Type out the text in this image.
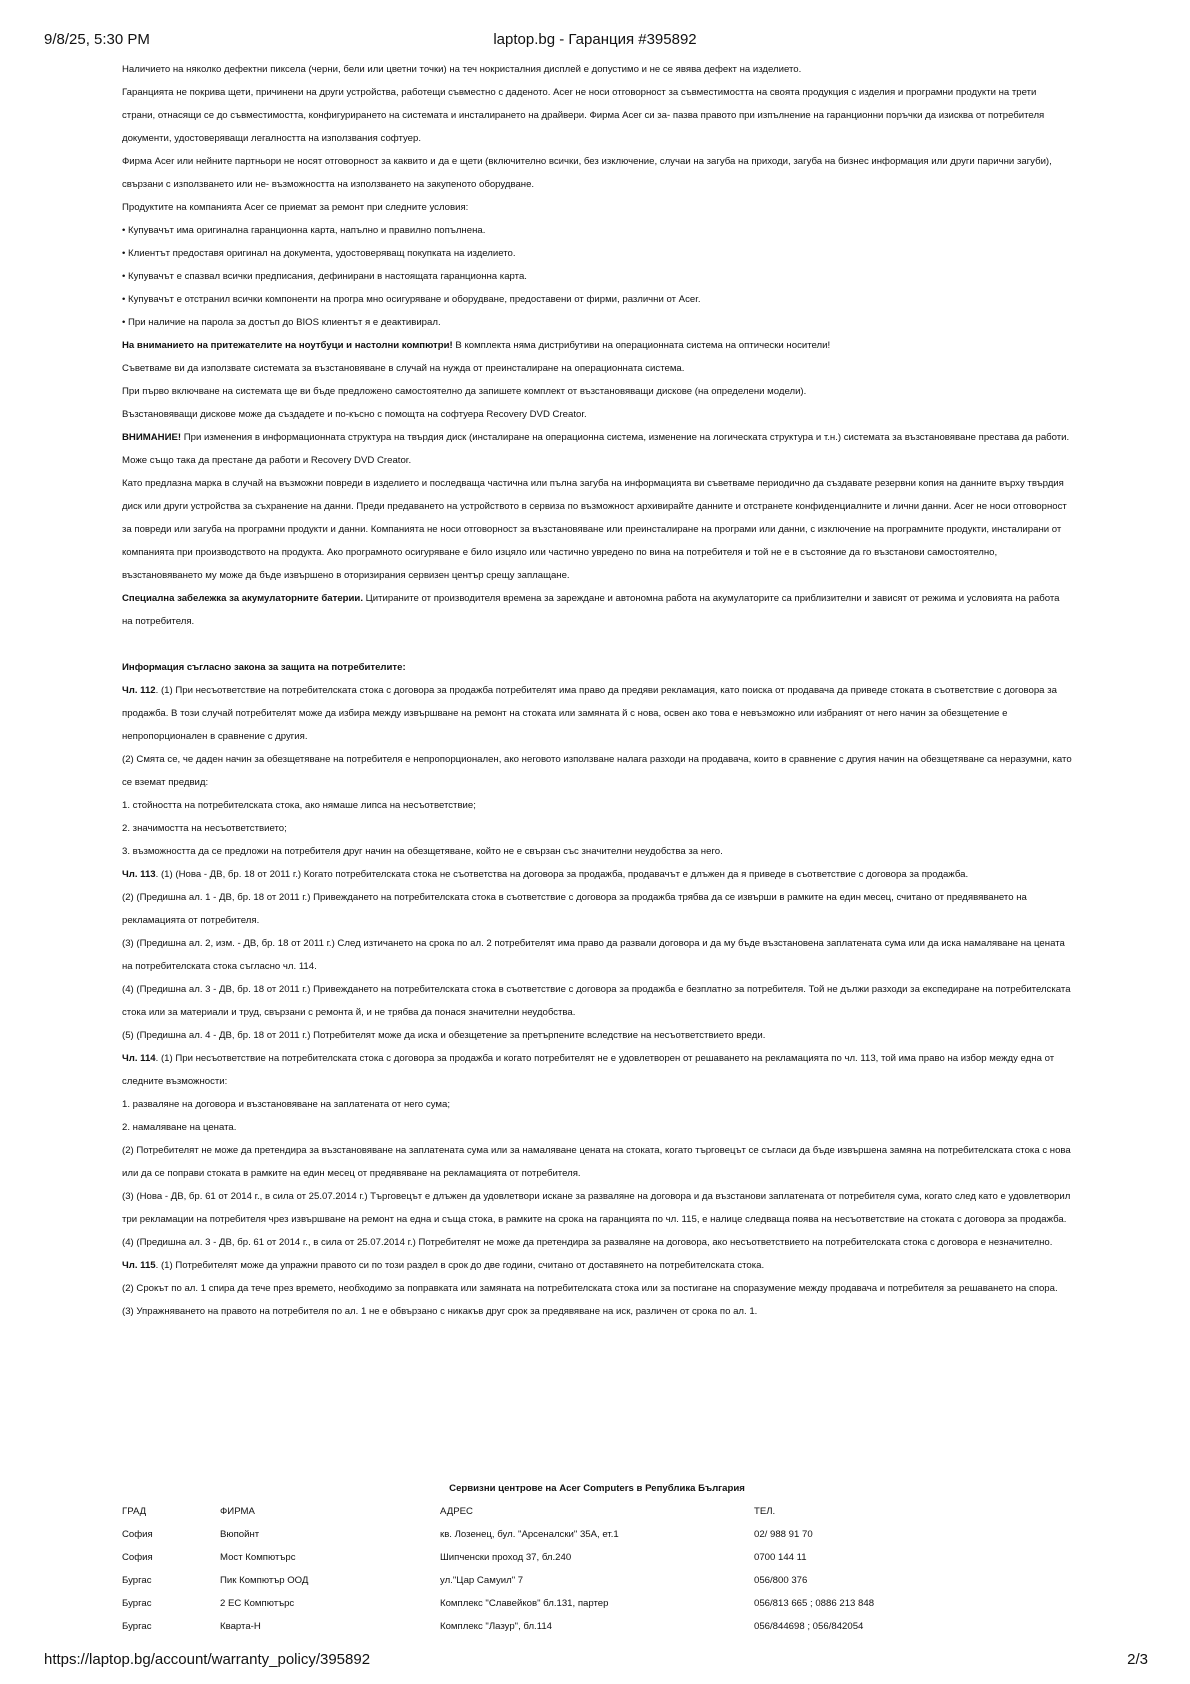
9/8/25, 5:30 PM	laptop.bg - Гаранция #395892

Наличието на няколко дефектни пиксела (черни, бели или цветни точки) на теч нокристалния дисплей е допустимо и не се явява дефект на изделието.

Гаранцията не покрива щети, причинени на други устройства, работещи съвместно с даденото. Acer не носи отговорност за съвместимостта на своята продукция с изделия и програмни продукти на трети страни, отнасящи се до съвместимостта, конфигурирането на системата и инсталирането на драйвери. Фирма Acer си за- пазва правото при изпълнение на гаранционни поръчки да изисква от потребителя документи, удостоверяващи легалността на използвания софтуер.

Фирма Acer или нейните партньори не носят отговорност за каквито и да е щети (включително всички, без изключение, случаи на загуба на приходи, загуба на бизнес информация или други парични загуби), свързани с използването или не- възможността на използването на закупеното оборудване.

Продуктите на компанията Acer се приемат за ремонт при следните условия:

• Купувачът има оригинална гаранционна карта, напълно и правилно попълнена.

• Клиентът предоставя оригинал на документа, удостоверяващ покупката на изделието.

• Купувачът е спазвал всички предписания, дефинирани в настоящата гаранционна карта.

• Купувачът е отстранил всички компоненти на програ мно осигуряване и оборудване, предоставени от фирми, различни от Acer.

• При наличие на парола за достъп до BIOS клиентът я е деактивирал.

На вниманието на притежателите на ноутбуци и настолни компютри! В комплекта няма дистрибутиви на операционната система на оптически носители!

Съветваме ви да използвате системата за възстановяване в случай на нужда от преинсталиране на операционната система.

При първо включване на системата ще ви бъде предложено самостоятелно да запишете комплект от възстановяващи дискове (на определени модели).

Възстановяващи дискове може да създадете и по-късно с помощта на софтуера Recovery DVD Creator.

ВНИМАНИЕ! При изменения в информационната структура на твърдия диск (инсталиране на операционна система, изменение на логическата структура и т.н.) системата за възстановяване престава да работи. Може също така да престане да работи и Recovery DVD Creator.

Като предлазна марка в случай на възможни повреди в изделието и последваща частична или пълна загуба на информацията ви съветваме периодично да създавате резервни копия на данните върху твърдия диск или други устройства за съхранение на данни. Преди предаването на устройството в сервиза по възможност архивирайте данните и отстранете конфиденциалните и лични данни. Acer не носи отговорност за повреди или загуба на програмни продукти и данни. Компанията не носи отговорност за възстановяване или преинсталиране на програми или данни, с изключение на програмните продукти, инсталирани от компанията при производството на продукта. Ако програмното осигуряване е било изцяло или частично увредено по вина на потребителя и той не е в състояние да го възстанови самостоятелно, възстановяването му може да бъде извършено в оторизирания сервизен център срещу заплащане.

Специална забележка за акумулаторните батерии. Цитираните от производителя времена за зареждане и автономна работа на акумулаторите са приблизителни и зависят от режима и условията на работа на потребителя.

Информация съгласно закона за защита на потребителите:

Чл. 112. (1) При несъответствие на потребителската стока с договора за продажба потребителят има право да предяви рекламация, като поиска от продавача да приведе стоката в съответствие с договора за продажба. В този случай потребителят може да избира между извършване на ремонт на стоката или замяната й с нова, освен ако това е невъзможно или избраният от него начин за обезщетение е непропорционален в сравнение с другия.

(2) Смята се, че даден начин за обезщетяване на потребителя е непропорционален, ако неговото използване налага разходи на продавача, които в сравнение с другия начин на обезщетяване са неразумни, като се вземат предвид:

1. стойността на потребителската стока, ако нямаше липса на несъответствие;

2. значимостта на несъответствието;

3. възможността да се предложи на потребителя друг начин на обезщетяване, който не е свързан със значителни неудобства за него.

Чл. 113. (1) (Нова - ДВ, бр. 18 от 2011 г.) Когато потребителската стока не съответства на договора за продажба, продавачът е длъжен да я приведе в съответствие с договора за продажба.

(2) (Предишна ал. 1 - ДВ, бр. 18 от 2011 г.) Привеждането на потребителската стока в съответствие с договора за продажба трябва да се извърши в рамките на един месец, считано от предявяването на рекламацията от потребителя.

(3) (Предишна ал. 2, изм. - ДВ, бр. 18 от 2011 г.) След изтичането на срока по ал. 2 потребителят има право да развали договора и да му бъде възстановена заплатената сума или да иска намаляване на цената на потребителската стока съгласно чл. 114.

(4) (Предишна ал. 3 - ДВ, бр. 18 от 2011 г.) Привеждането на потребителската стока в съответствие с договора за продажба е безплатно за потребителя. Той не дължи разходи за експедиране на потребителската стока или за материали и труд, свързани с ремонта й, и не трябва да понася значителни неудобства.

(5) (Предишна ал. 4 - ДВ, бр. 18 от 2011 г.) Потребителят може да иска и обезщетение за претърпените вследствие на несъответствието вреди.

Чл. 114. (1) При несъответствие на потребителската стока с договора за продажба и когато потребителят не е удовлетворен от решаването на рекламацията по чл. 113, той има право на избор между една от следните възможности:

1. разваляне на договора и възстановяване на заплатената от него сума;

2. намаляване на цената.

(2) Потребителят не може да претендира за възстановяване на заплатената сума или за намаляване цената на стоката, когато търговецът се съгласи да бъде извършена замяна на потребителската стока с нова или да се поправи стоката в рамките на един месец от предявяване на рекламацията от потребителя.

(3) (Нова - ДВ, бр. 61 от 2014 г., в сила от 25.07.2014 г.) Търговецът е длъжен да удовлетвори искане за разваляне на договора и да възстанови заплатената от потребителя сума, когато след като е удовлетворил три рекламации на потребителя чрез извършване на ремонт на една и съща стока, в рамките на срока на гаранцията по чл. 115, е налице следваща поява на несъответствие на стоката с договора за продажба.

(4) (Предишна ал. 3 - ДВ, бр. 61 от 2014 г., в сила от 25.07.2014 г.) Потребителят не може да претендира за разваляне на договора, ако несъответствието на потребителската стока с договора е незначително.

Чл. 115. (1) Потребителят може да упражни правото си по този раздел в срок до две години, считано от доставянето на потребителската стока.

(2) Срокът по ал. 1 спира да тече през времето, необходимо за поправката или замяната на потребителската стока или за постигане на споразумение между продавача и потребителя за решаването на спора.

(3) Упражняването на правото на потребителя по ал. 1 не е обвързано с никакъв друг срок за предявяване на иск, различен от срока по ал. 1.

Сервизни центрове на Acer Computers в Република България
ГРАД	ФИРМА	АДРЕС	ТЕЛ.
София	Вюпойнт	кв. Лозенец, бул. "Арсеналски" 35А, ет.1	02/ 988 91 70
София	Мост Компютърс	Шипченски проход 37, бл.240	0700 144 11
Бургас	Пик Компютър ООД	ул."Цар Самуил" 7	056/800 376
Бургас	2 ЕС Компютърс	Комплекс "Славейков" бл.131, партер	056/813 665 ; 0886 213 848
Бургас	Кварта-Н	Комплекс "Лазур", бл.114	056/844698 ; 056/842054
https://laptop.bg/account/warranty_policy/395892	2/3
